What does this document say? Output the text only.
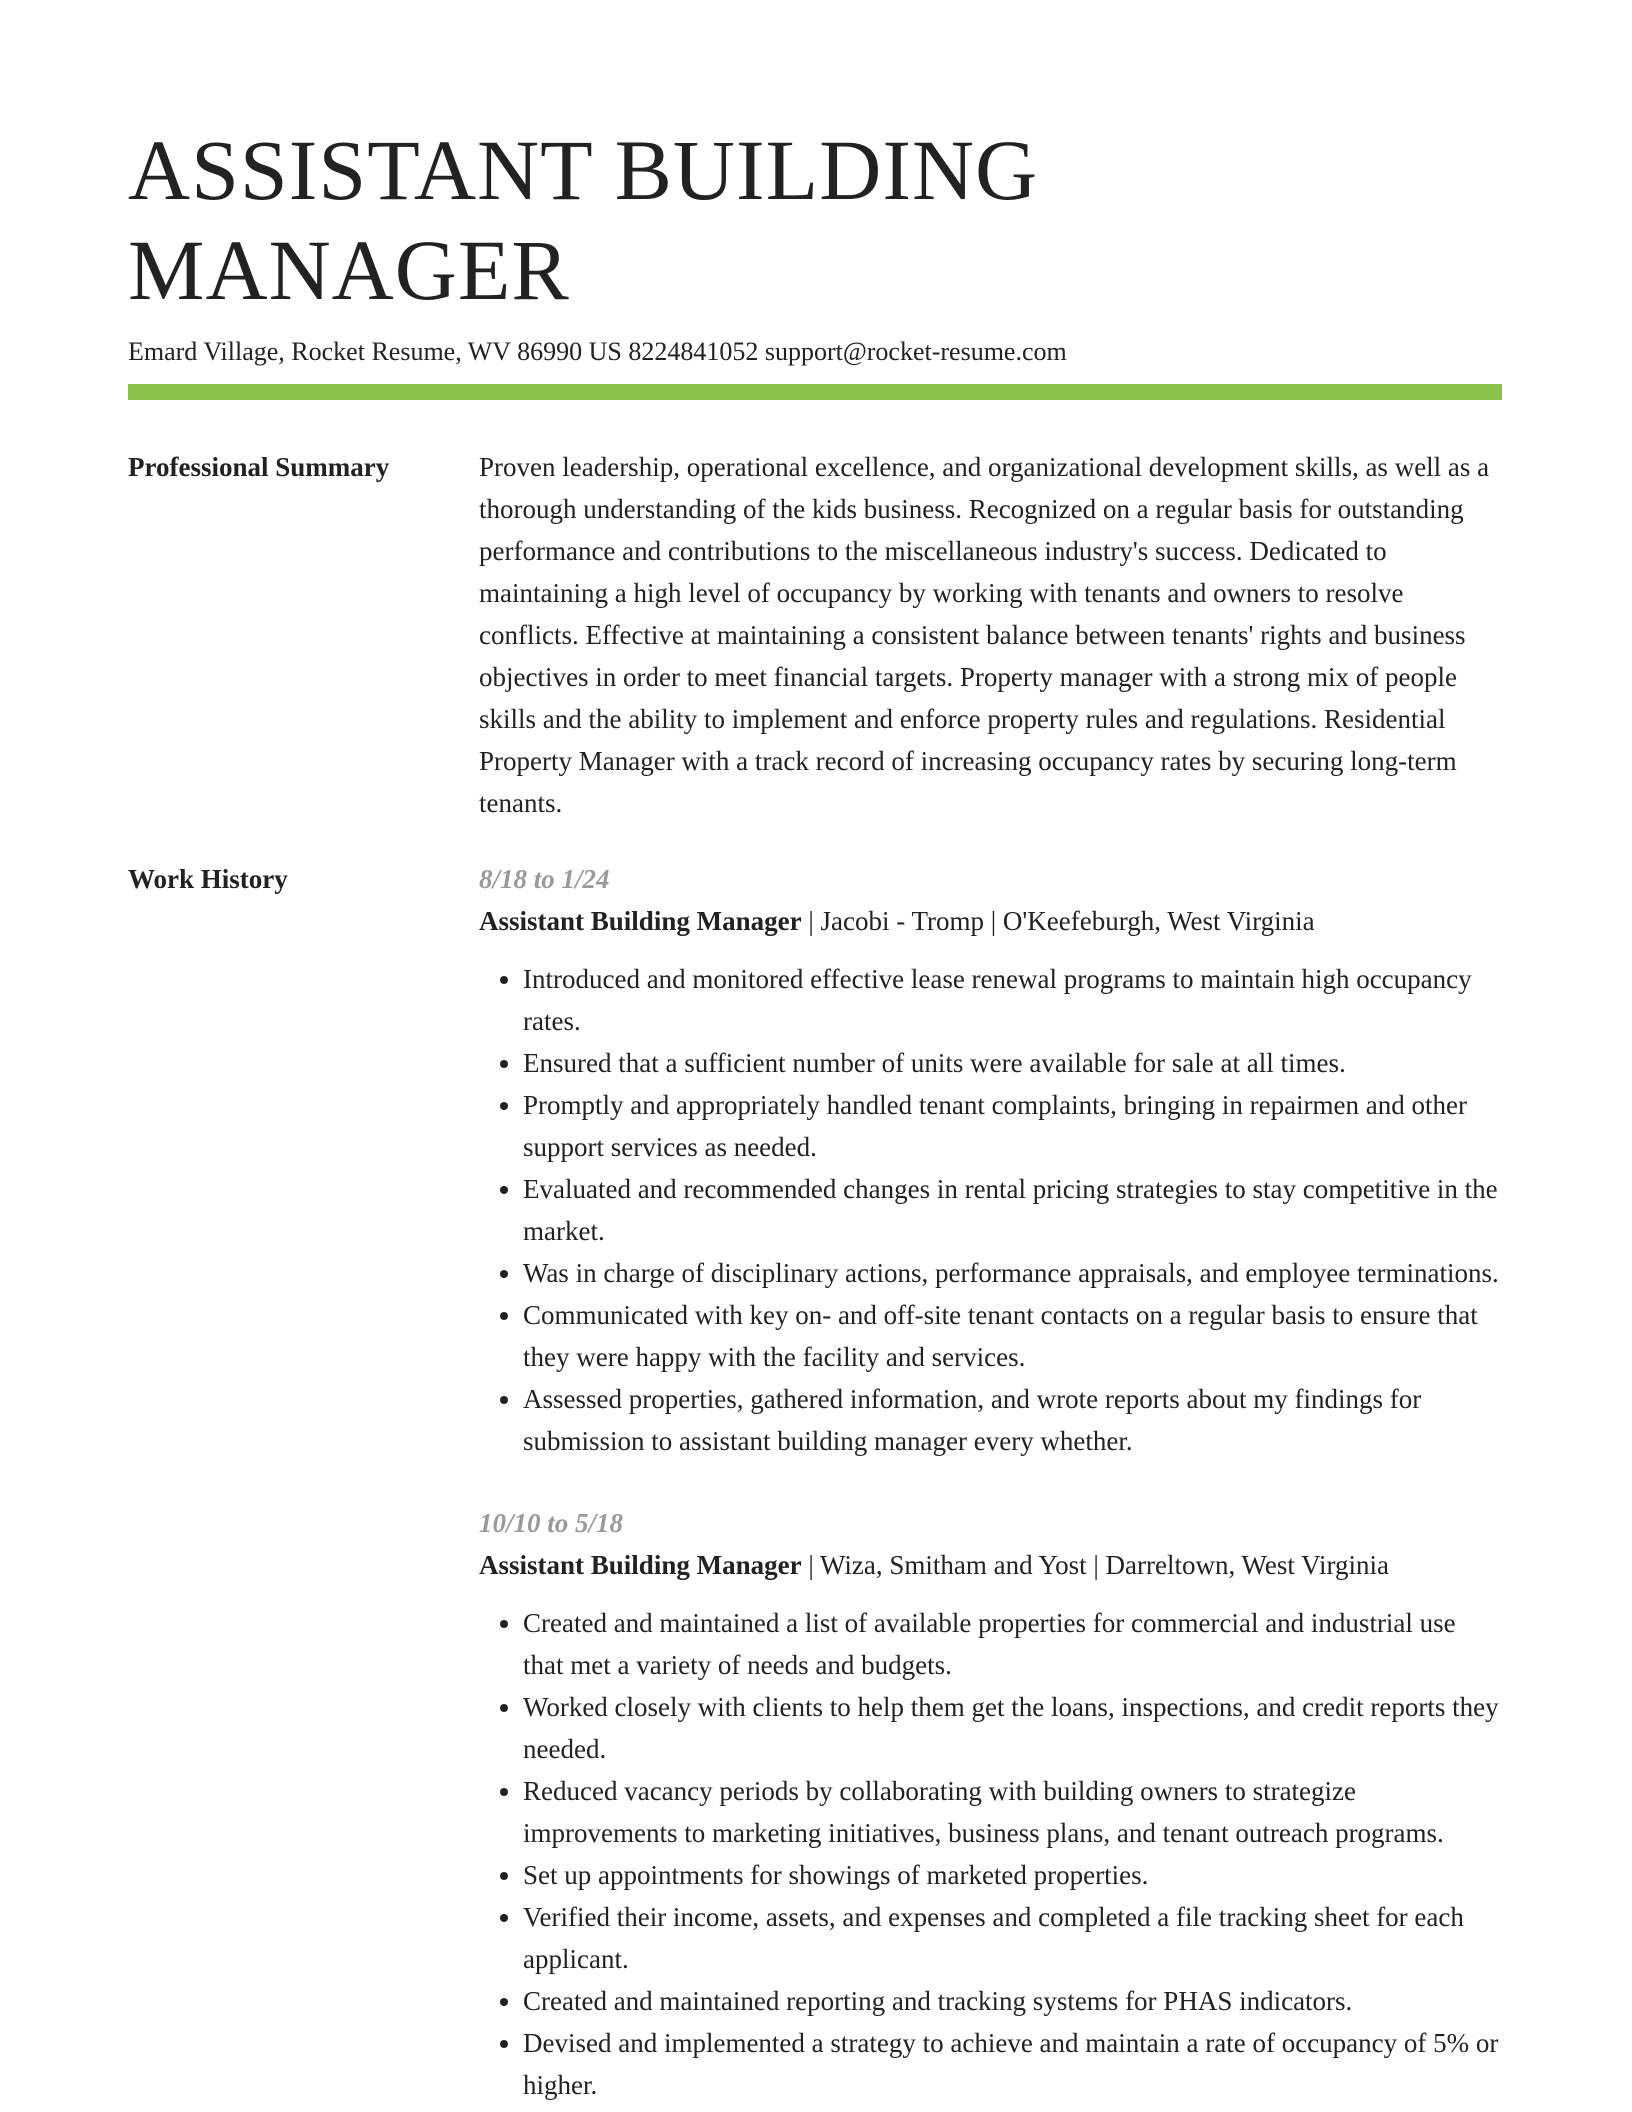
ASSISTANT BUILDING MANAGER
Emard Village, Rocket Resume, WV 86990 US 8224841052 support@rocket-resume.com
Professional Summary	Proven leadership, operational excellence, and organizational development skills, as well as a thorough understanding of the kids business. Recognized on a regular basis for outstanding performance and contributions to the miscellaneous industry's success. Dedicated to maintaining a high level of occupancy by working with tenants and owners to resolve conflicts. Effective at maintaining a consistent balance between tenants' rights and business objectives in order to meet financial targets. Property manager with a strong mix of people skills and the ability to implement and enforce property rules and regulations. Residential Property Manager with a track record of increasing occupancy rates by securing long-term tenants.

Work History	8/18 to 1/24
Assistant Building Manager | Jacobi - Tromp | O'Keefeburgh, West Virginia
• Introduced and monitored effective lease renewal programs to maintain high occupancy rates.
• Ensured that a sufficient number of units were available for sale at all times.
• Promptly and appropriately handled tenant complaints, bringing in repairmen and other support services as needed.
• Evaluated and recommended changes in rental pricing strategies to stay competitive in the market.
• Was in charge of disciplinary actions, performance appraisals, and employee terminations.
• Communicated with key on- and off-site tenant contacts on a regular basis to ensure that they were happy with the facility and services.
• Assessed properties, gathered information, and wrote reports about my findings for submission to assistant building manager every whether.
10/10 to 5/18
Assistant Building Manager | Wiza, Smitham and Yost | Darreltown, West Virginia
• Created and maintained a list of available properties for commercial and industrial use that met a variety of needs and budgets.
• Worked closely with clients to help them get the loans, inspections, and credit reports they needed.
• Reduced vacancy periods by collaborating with building owners to strategize improvements to marketing initiatives, business plans, and tenant outreach programs.
• Set up appointments for showings of marketed properties.
• Verified their income, assets, and expenses and completed a file tracking sheet for each applicant.
• Created and maintained reporting and tracking systems for PHAS indicators.
• Devised and implemented a strategy to achieve and maintain a rate of occupancy of 5% or higher.
